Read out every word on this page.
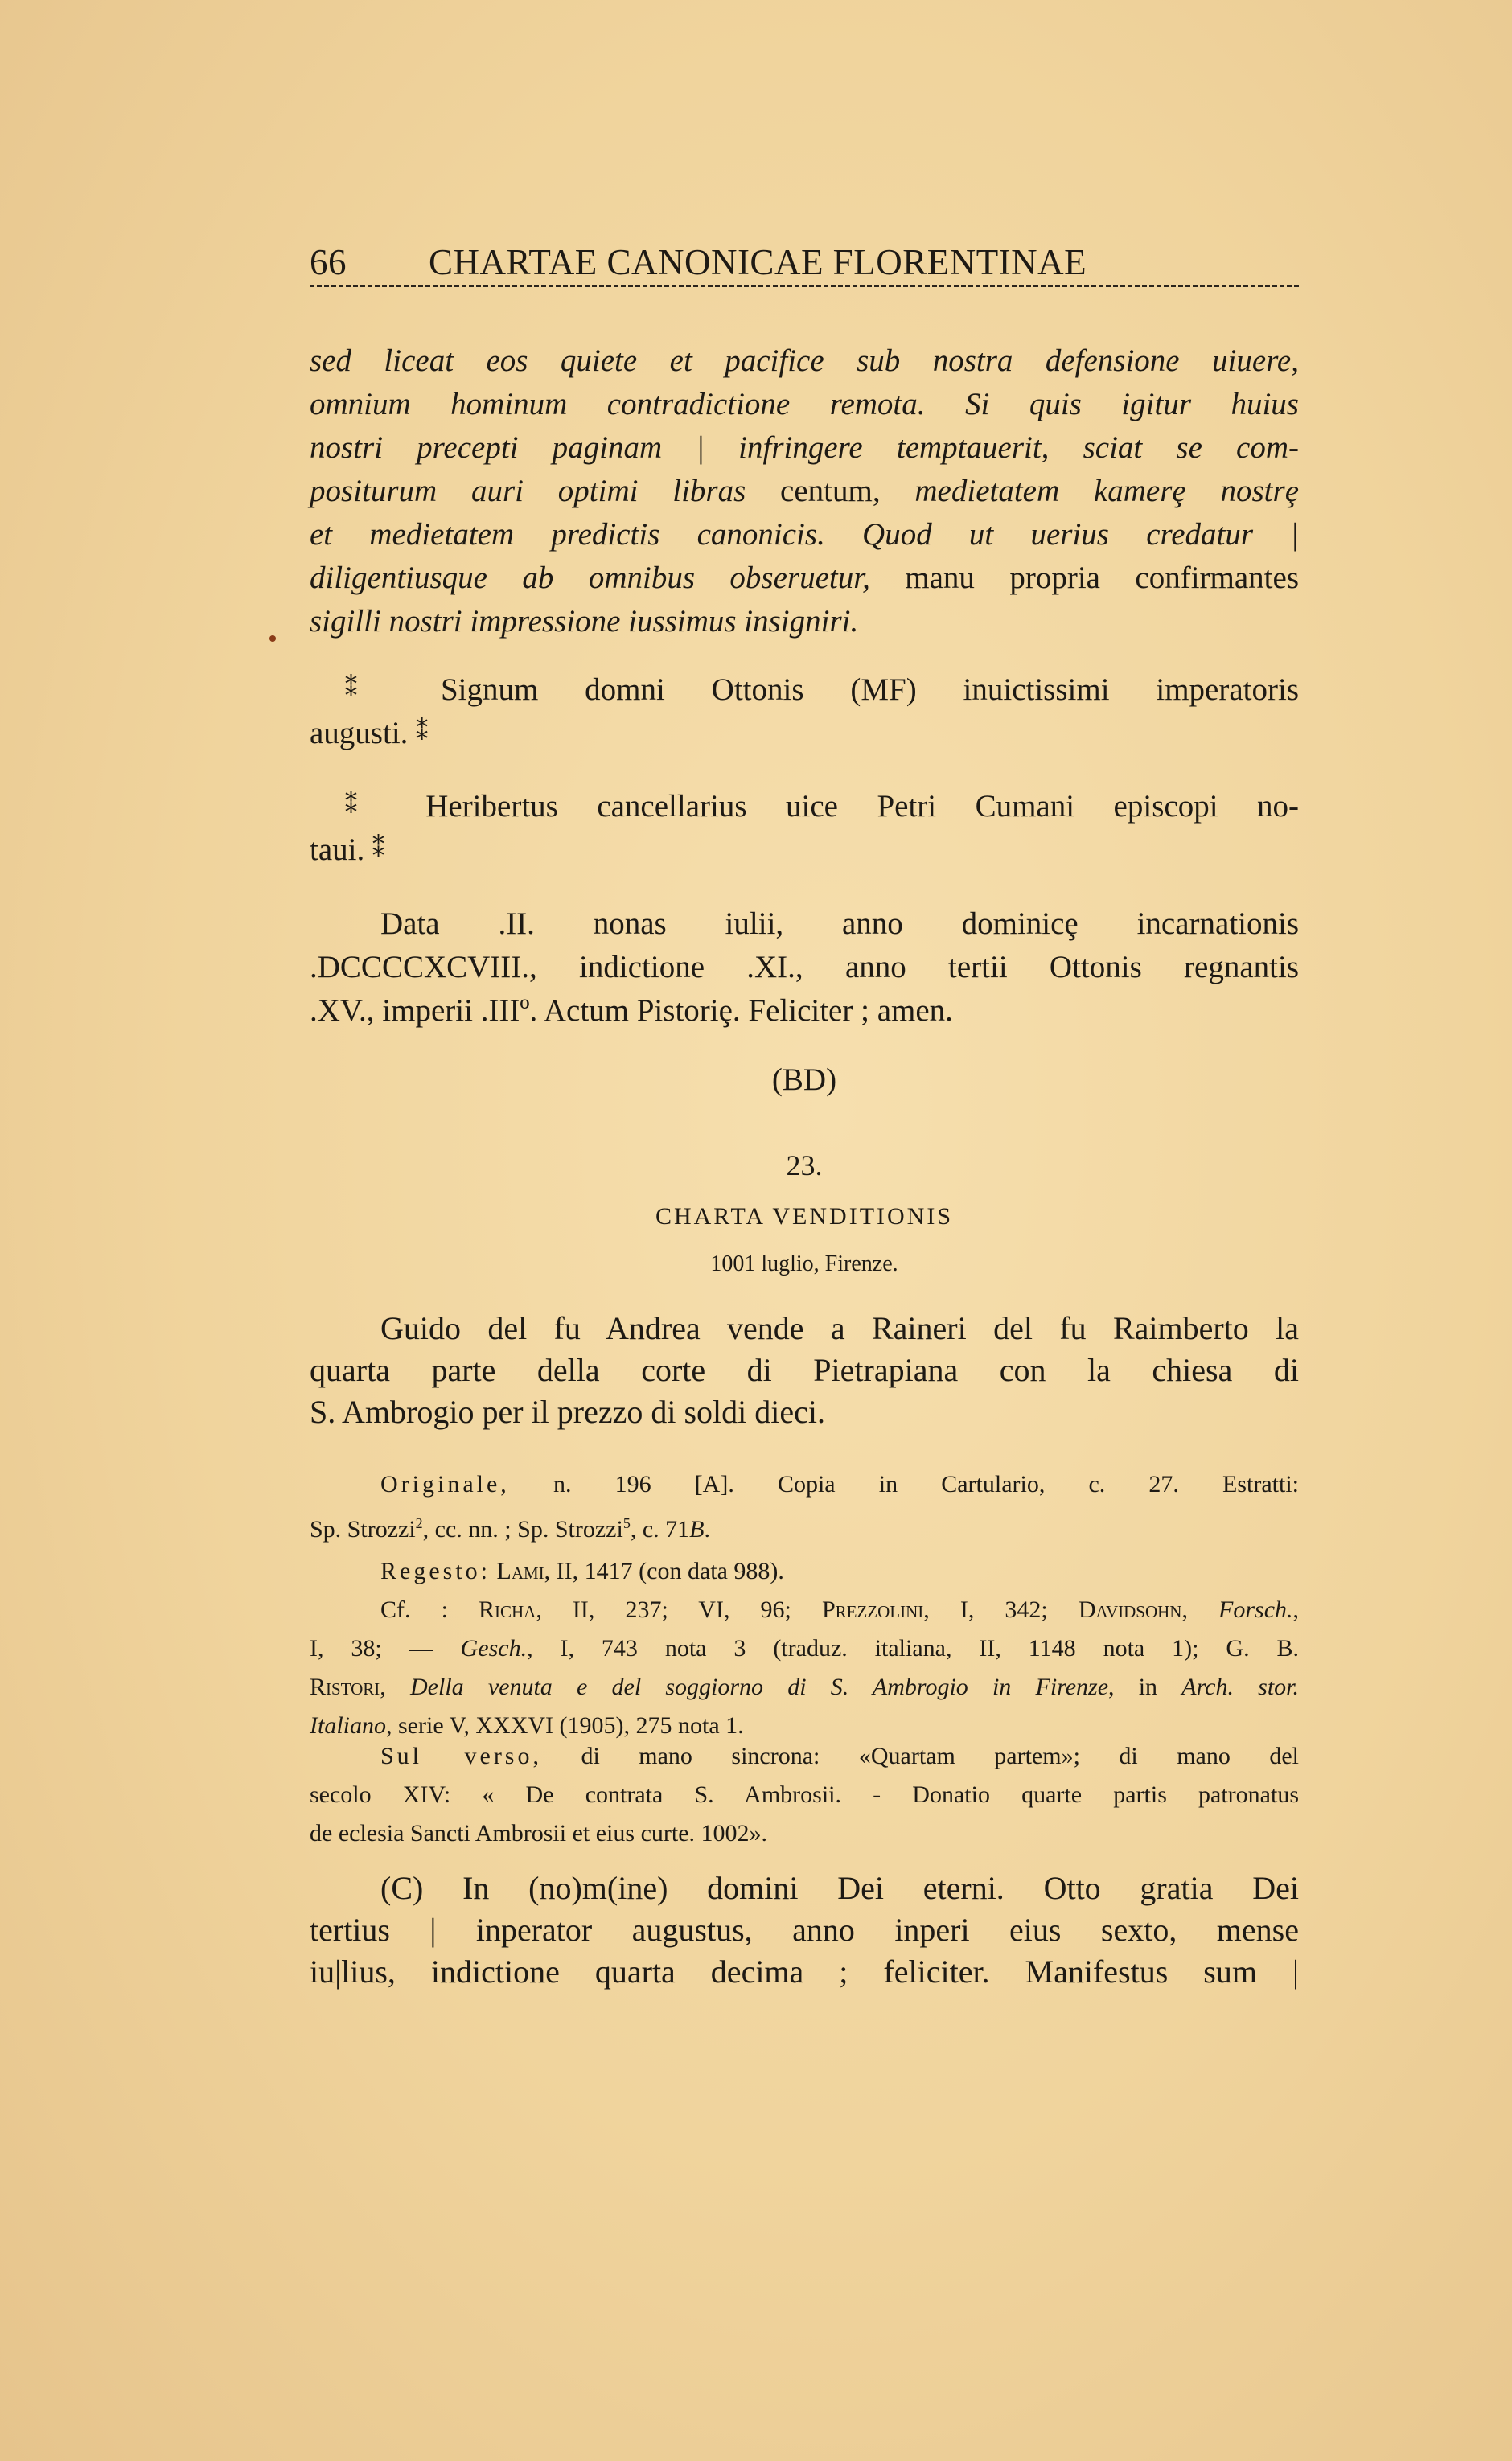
66 CHARTAE CANONICAE FLORENTINAE
sed liceat eos quiete et pacifice sub nostra defensione uiuere,
omnium hominum contradictione remota. Si quis igitur huius
nostri precepti paginam | infringere temptauerit, sciat se com-
positurum auri optimi libras centum, medietatem kamerȩ nostrȩ
et medietatem predictis canonicis. Quod ut uerius credatur |
diligentiusque ab omnibus obseruetur, manu propria confirmantes
sigilli nostri impressione iussimus insigniri.
⁑ Signum domni Ottonis (MF) inuictissimi imperatoris
augusti. ⁑
⁑ Heribertus cancellarius uice Petri Cumani episcopi no-
taui. ⁑
Data .II. nonas iulii, anno dominicȩ incarnationis
.DCCCCXCVIII., indictione .XI., anno tertii Ottonis regnantis
.XV., imperii .IIIº. Actum Pistoriȩ. Feliciter ; amen.
(BD)
23.
CHARTA VENDITIONIS
1001 luglio, Firenze.
Guido del fu Andrea vende a Raineri del fu Raimberto la
quarta parte della corte di Pietrapiana con la chiesa di
S. Ambrogio per il prezzo di soldi dieci.
Originale, n. 196 [A]. Copia in Cartulario, c. 27. Estratti:
Sp. Strozzi$^2$, cc. nn. ; Sp. Strozzi$^5$, c. 71B.
Regesto: Lami, II, 1417 (con data 988).
Cf. : Richa, II, 237; VI, 96; Prezzolini, I, 342; Davidsohn, Forsch.,
I, 38; — Gesch., I, 743 nota 3 (traduz. italiana, II, 1148 nota 1); G. B.
Ristori, Della venuta e del soggiorno di S. Ambrogio in Firenze, in Arch. stor.
Italiano, serie V, XXXVI (1905), 275 nota 1.
Sul verso, di mano sincrona: «Quartam partem»; di mano del
secolo XIV: « De contrata S. Ambrosii. - Donatio quarte partis patronatus
de eclesia Sancti Ambrosii et eius curte. 1002».
(C) In (no)m(ine) domini Dei eterni. Otto gratia Dei
tertius | inperator augustus, anno inperi eius sexto, mense
iu|lius, indictione quarta decima ; feliciter. Manifestus sum |
